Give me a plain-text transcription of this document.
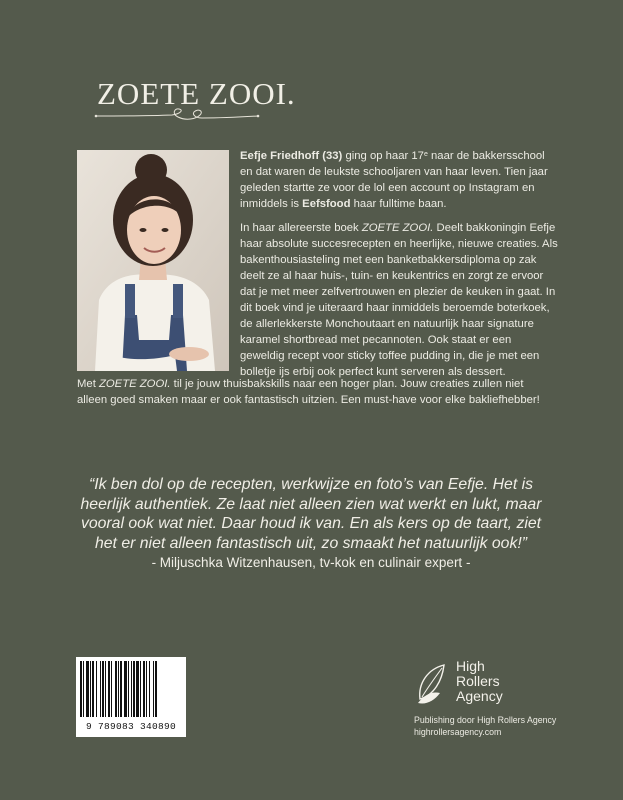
ZOETE ZOOI.
Eefje Friedhoff (33) ging op haar 17e naar de bakkersschool en dat waren de leukste schooljaren van haar leven. Tien jaar geleden startte ze voor de lol een account op Instagram en inmiddels is Eefsfood haar fulltime baan.
In haar allereerste boek ZOETE ZOOI. Deelt bakkoningin Eefje haar absolute succesrecepten en heerlijke, nieuwe creaties. Als bakenthousiasteling met een banketbakkersdiploma op zak deelt ze al haar huis-, tuin- en keukentrics en zorgt ze ervoor dat je met meer zelfvertrouwen en plezier de keuken in gaat. In dit boek vind je uiteraard haar inmiddels beroemde boterkoek, de allerlekkerste Monchoutaart en natuurlijk haar signature karamel shortbread met pecannoten. Ook staat er een geweldig recept voor sticky toffee pudding in, die je met een bolletje ijs erbij ook perfect kunt serveren als dessert.
Met ZOETE ZOOI. til je jouw thuisbakskills naar een hoger plan. Jouw creaties zullen niet alleen goed smaken maar er ook fantastisch uitzien. Een must-have voor elke bakliefhebber!
“Ik ben dol op de recepten, werkwijze en foto’s van Eefje. Het is heerlijk authentiek. Ze laat niet alleen zien wat werkt en lukt, maar vooral ook wat niet. Daar houd ik van. En als kers op de taart, ziet het er niet alleen fantastisch uit, zo smaakt het natuurlijk ook!”
- Miljuschka Witzenhausen, tv-kok en culinair expert -
9 789083 340890
High
Rollers
Agency
Publishing door High Rollers Agency
highrollersagency.com
